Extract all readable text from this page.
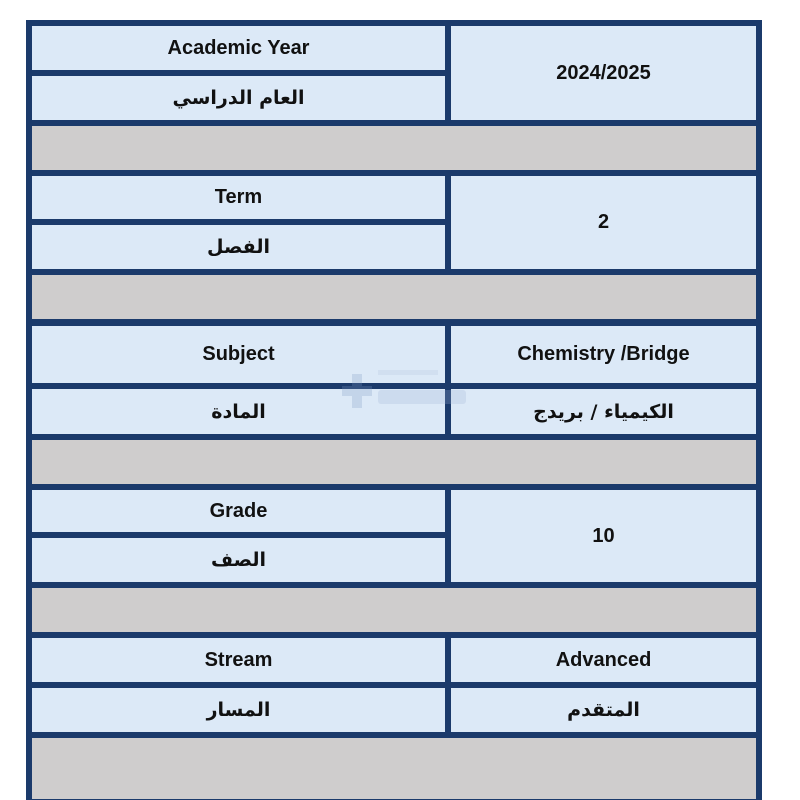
Academic Year
العام الدراسي
2024/2025
Term
الفصل
2
Subject
المادة
Chemistry /Bridge
الكيمياء / بريدج
Grade
الصف
10
Stream
المسار
Advanced
المتقدم
